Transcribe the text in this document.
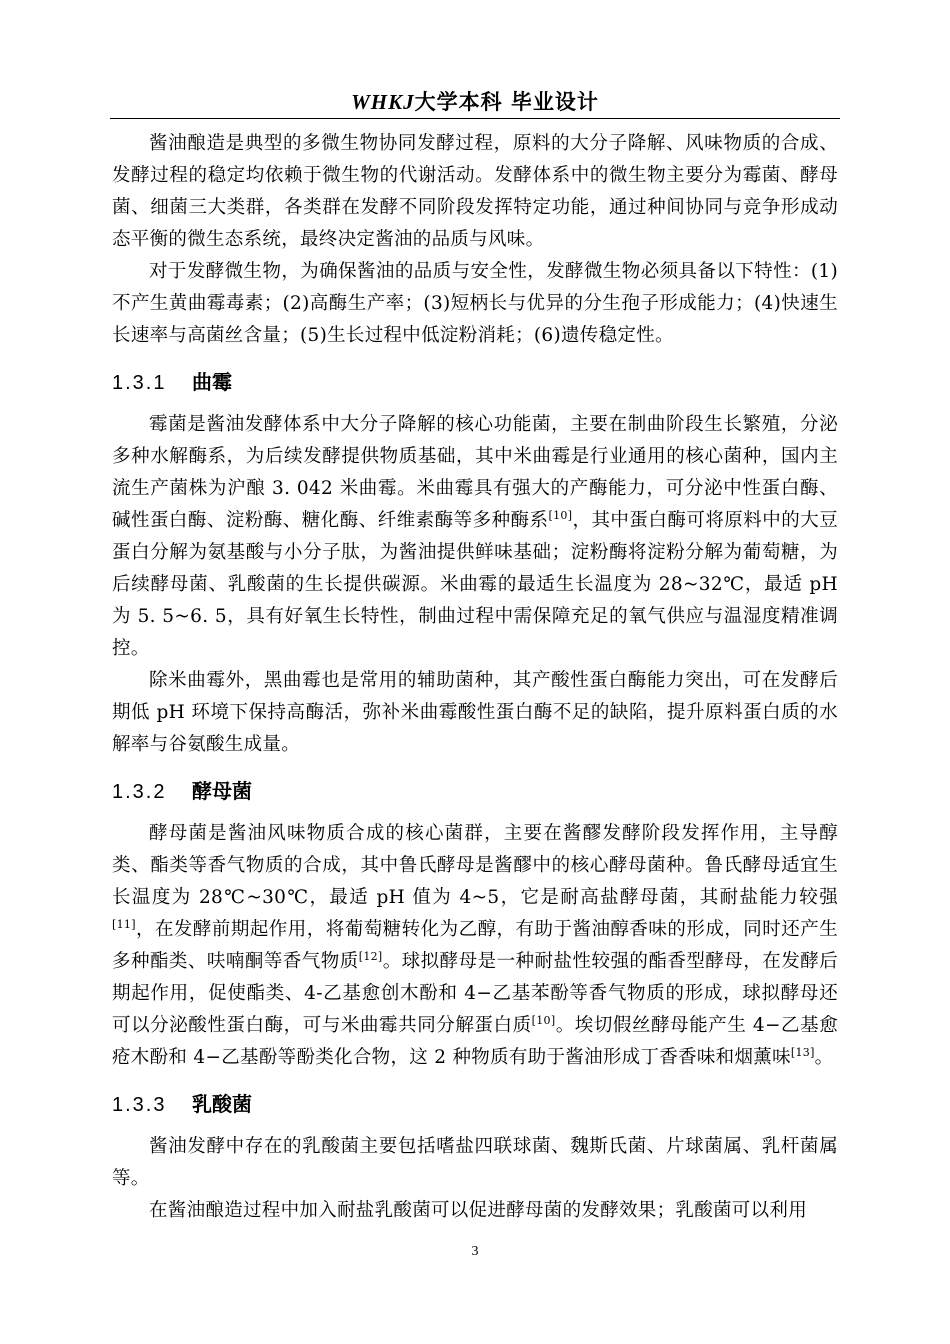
WHKJ大学本科 毕业设计

酱油酿造是典型的多微生物协同发酵过程，原料的大分子降解、风味物质的合成、发酵过程的稳定均依赖于微生物的代谢活动。发酵体系中的微生物主要分为霉菌、酵母菌、细菌三大类群，各类群在发酵不同阶段发挥特定功能，通过种间协同与竞争形成动态平衡的微生态系统，最终决定酱油的品质与风味。

对于发酵微生物，为确保酱油的品质与安全性，发酵微生物必须具备以下特性：(1)不产生黄曲霉毒素；(2)高酶生产率；(3)短柄长与优异的分生孢子形成能力；(4)快速生长速率与高菌丝含量；(5)生长过程中低淀粉消耗；(6)遗传稳定性。

1.3.1 曲霉

霉菌是酱油发酵体系中大分子降解的核心功能菌，主要在制曲阶段生长繁殖，分泌多种水解酶系，为后续发酵提供物质基础，其中米曲霉是行业通用的核心菌种，国内主流生产菌株为沪酿 3. 042 米曲霉。米曲霉具有强大的产酶能力，可分泌中性蛋白酶、碱性蛋白酶、淀粉酶、糖化酶、纤维素酶等多种酶系[10]，其中蛋白酶可将原料中的大豆蛋白分解为氨基酸与小分子肽，为酱油提供鲜味基础；淀粉酶将淀粉分解为葡萄糖，为后续酵母菌、乳酸菌的生长提供碳源。米曲霉的最适生长温度为 28~32℃，最适 pH 为 5. 5~6. 5，具有好氧生长特性，制曲过程中需保障充足的氧气供应与温湿度精准调控。

除米曲霉外，黑曲霉也是常用的辅助菌种，其产酸性蛋白酶能力突出，可在发酵后期低 pH 环境下保持高酶活，弥补米曲霉酸性蛋白酶不足的缺陷，提升原料蛋白质的水解率与谷氨酸生成量。

1.3.2 酵母菌

酵母菌是酱油风味物质合成的核心菌群，主要在酱醪发酵阶段发挥作用，主导醇类、酯类等香气物质的合成，其中鲁氏酵母是酱醪中的核心酵母菌种。鲁氏酵母适宜生长温度为 28℃~30℃，最适 pH 值为 4~5，它是耐高盐酵母菌，其耐盐能力较强[11]，在发酵前期起作用，将葡萄糖转化为乙醇，有助于酱油醇香味的形成，同时还产生多种酯类、呋喃酮等香气物质[12]。球拟酵母是一种耐盐性较强的酯香型酵母，在发酵后期起作用，促使酯类、4-乙基愈创木酚和 4−乙基苯酚等香气物质的形成，球拟酵母还可以分泌酸性蛋白酶，可与米曲霉共同分解蛋白质[10]。埃切假丝酵母能产生 4−乙基愈疮木酚和 4−乙基酚等酚类化合物，这 2 种物质有助于酱油形成丁香香味和烟薰味[13]。

1.3.3 乳酸菌

酱油发酵中存在的乳酸菌主要包括嗜盐四联球菌、魏斯氏菌、片球菌属、乳杆菌属等。

在酱油酿造过程中加入耐盐乳酸菌可以促进酵母菌的发酵效果；乳酸菌可以利用

3
